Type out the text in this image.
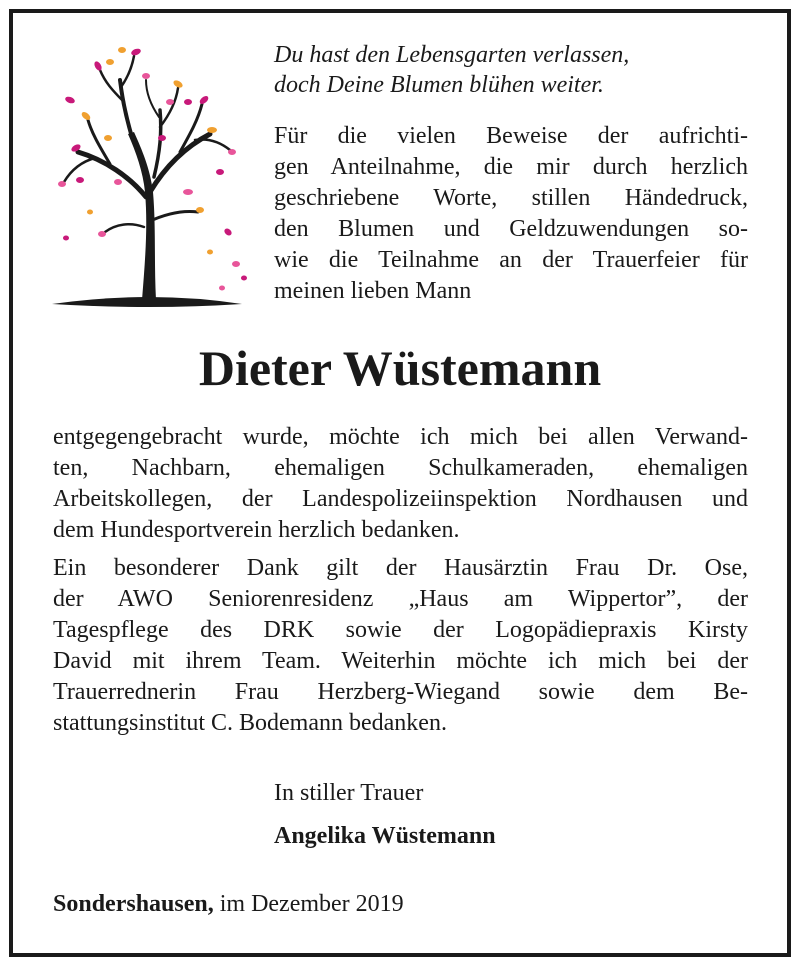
Du hast den Lebensgarten verlassen,
doch Deine Blumen blühen weiter.
Für die vielen Beweise der aufrichti-
gen Anteilnahme, die mir durch herzlich
geschriebene Worte, stillen Händedruck,
den Blumen und Geldzuwendungen so-
wie die Teilnahme an der Trauerfeier für
meinen lieben Mann
Dieter Wüstemann
entgegengebracht wurde, möchte ich mich bei allen Verwand-
ten, Nachbarn, ehemaligen Schulkameraden, ehemaligen
Arbeitskollegen, der Landespolizeiinspektion Nordhausen und
dem Hundesportverein herzlich bedanken.
Ein besonderer Dank gilt der Hausärztin Frau Dr. Ose,
der AWO Seniorenresidenz „Haus am Wippertor”, der
Tagespflege des DRK sowie der Logopädiepraxis Kirsty
David mit ihrem Team. Weiterhin möchte ich mich bei der
Trauerrednerin Frau Herzberg-Wiegand sowie dem Be-
stattungsinstitut C. Bodemann bedanken.
In stiller Trauer
Angelika Wüstemann
Sondershausen, im Dezember 2019
